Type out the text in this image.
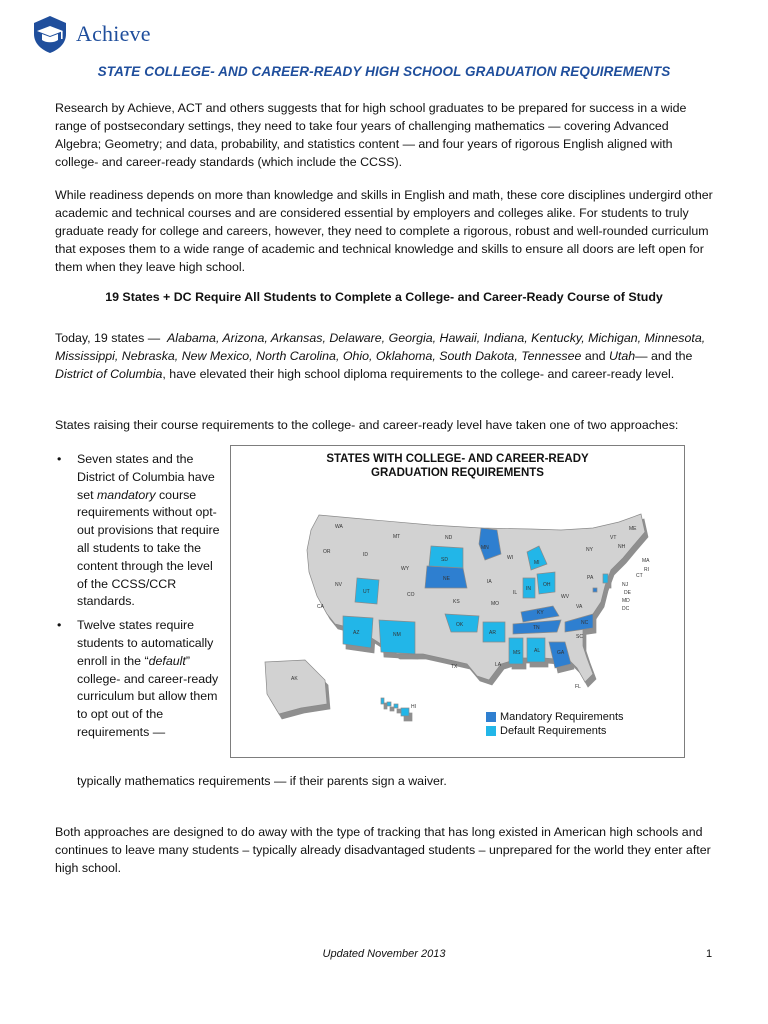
Achieve
STATE COLLEGE- AND CAREER-READY HIGH SCHOOL GRADUATION REQUIREMENTS

Research by Achieve, ACT and others suggests that for high school graduates to be prepared for success in a wide range of postsecondary settings, they need to take four years of challenging mathematics — covering Advanced Algebra; Geometry; and data, probability, and statistics content — and four years of rigorous English aligned with college- and career-ready standards (which include the CCSS).

While readiness depends on more than knowledge and skills in English and math, these core disciplines undergird other academic and technical courses and are considered essential by employers and colleges alike. For students to truly graduate ready for college and careers, however, they need to complete a rigorous, robust and well-rounded curriculum that exposes them to a wide range of academic and technical knowledge and skills to ensure all doors are left open for them when they leave high school.

19 States + DC Require All Students to Complete a College- and Career-Ready Course of Study

Today, 19 states — Alabama, Arizona, Arkansas, Delaware, Georgia, Hawaii, Indiana, Kentucky, Michigan, Minnesota, Mississippi, Nebraska, New Mexico, North Carolina, Ohio, Oklahoma, South Dakota, Tennessee and Utah— and the District of Columbia, have elevated their high school diploma requirements to the college- and career-ready level.

States raising their course requirements to the college- and career-ready level have taken one of two approaches:

• Seven states and the District of Columbia have set mandatory course requirements without opt-out provisions that require all students to take the content through the level of the CCSS/CCR standards.
• Twelve states require students to automatically enroll in the “default” college- and career-ready curriculum but allow them to opt out of the requirements —
typically mathematics requirements — if their parents sign a waiver.
WA
OR	ID
MT
WY
ND
SD
MN
WI
MI
NY
VT
NH
ME
MA
RI
CT
NJ
DE
MD
DC
PA
OH
IN
IL
IA
NE
NV
UT	CO
KS	MO
KY
WV
VA
CA
AZ	NM
OK
AR
TN
NC
SC
GA
AL
MS
LA
TX
FL
AK
HI
STATES WITH COLLEGE- AND CAREER-READY GRADUATION REQUIREMENTS
Mandatory Requirements
Default Requirements

Both approaches are designed to do away with the type of tracking that has long existed in American high schools and continues to leave many students – typically already disadvantaged students – unprepared for the world they enter after high school.

Updated November 2013	1
